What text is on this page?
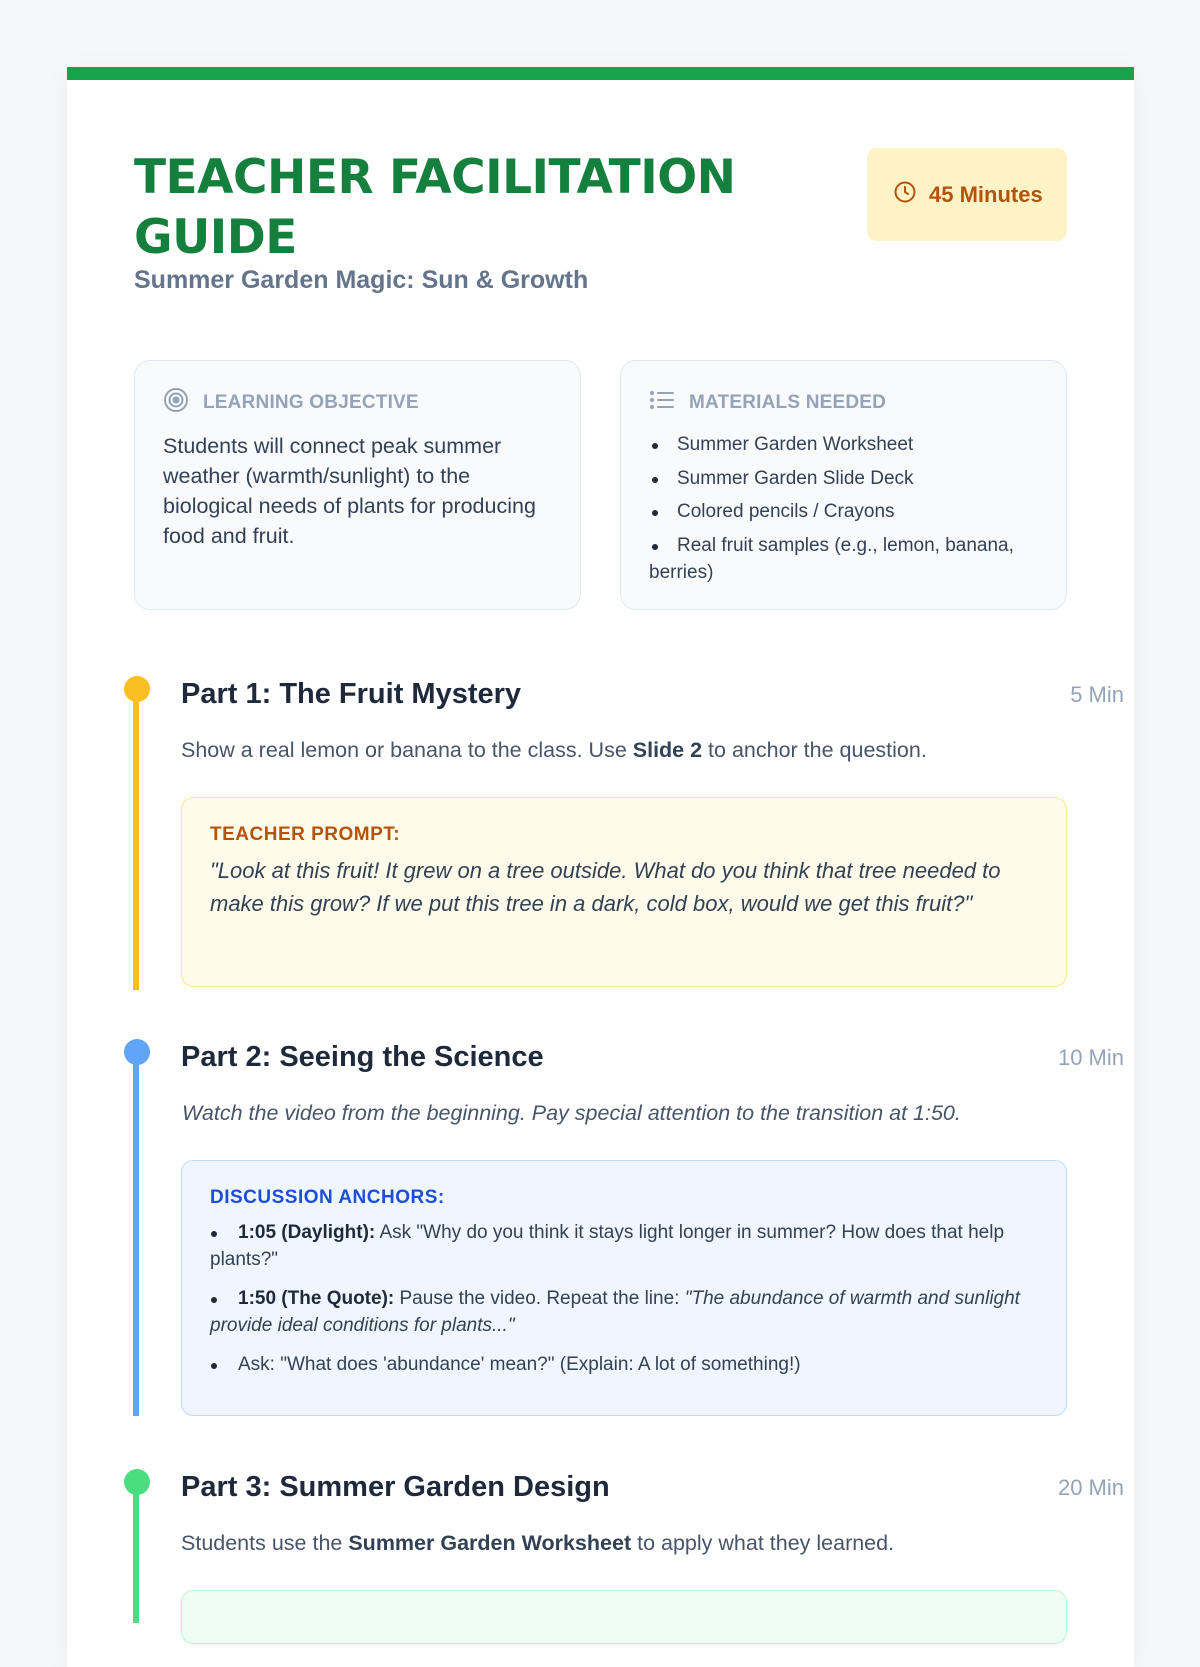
TEACHER FACILITATION GUIDE
Summer Garden Magic: Sun & Growth
45 Minutes
LEARNING OBJECTIVE
Students will connect peak summer weather (warmth/sunlight) to the biological needs of plants for producing food and fruit.
MATERIALS NEEDED
Summer Garden Worksheet
Summer Garden Slide Deck
Colored pencils / Crayons
Real fruit samples (e.g., lemon, banana, berries)
Part 1: The Fruit Mystery	5 Min
Show a real lemon or banana to the class. Use Slide 2 to anchor the question.
TEACHER PROMPT:
"Look at this fruit! It grew on a tree outside. What do you think that tree needed to make this grow? If we put this tree in a dark, cold box, would we get this fruit?"
Part 2: Seeing the Science	10 Min
Watch the video from the beginning. Pay special attention to the transition at 1:50.
DISCUSSION ANCHORS:
1:05 (Daylight): Ask "Why do you think it stays light longer in summer? How does that help plants?"
1:50 (The Quote): Pause the video. Repeat the line: "The abundance of warmth and sunlight provide ideal conditions for plants..."
Ask: "What does 'abundance' mean?" (Explain: A lot of something!)
Part 3: Summer Garden Design	20 Min
Students use the Summer Garden Worksheet to apply what they learned.
